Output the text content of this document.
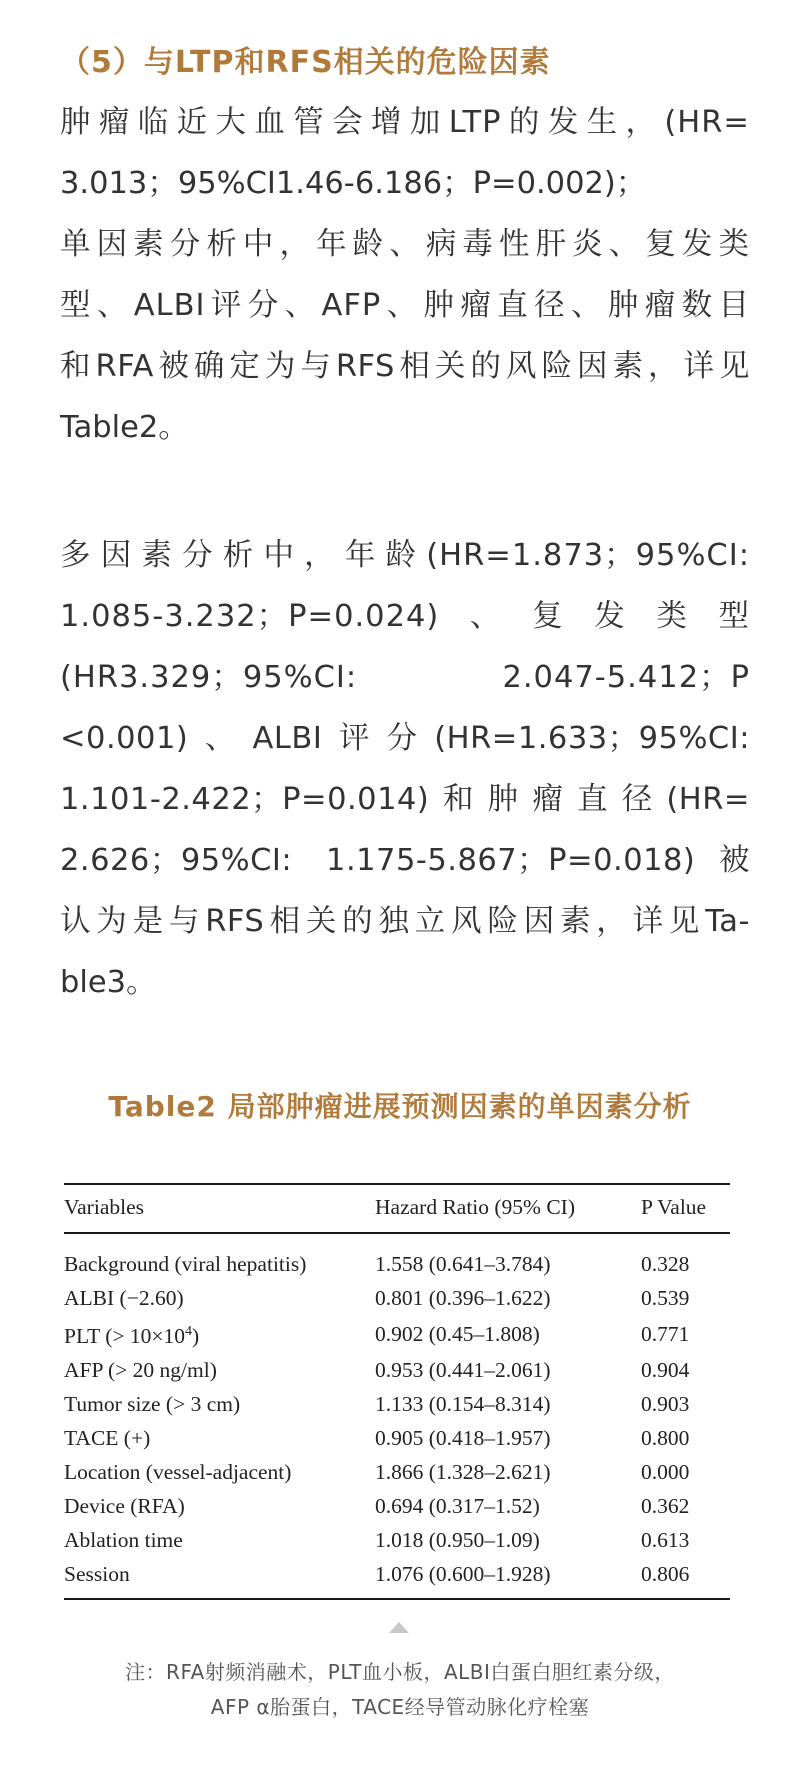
（5）与LTP和RFS相关的危险因素
肿瘤临近大血管会增加LTP的发生，(HR=
3.013；95%CI1.46-6.186；P=0.002)；
单因素分析中，年龄、病毒性肝炎、复发类
型、ALBI评分、AFP、肿瘤直径、肿瘤数目
和RFA被确定为与RFS相关的风险因素，详见
Table2。
多因素分析中，年龄(HR=1.873；95%CI:
1.085-3.232；P=0.024)、复发类型
(HR3.329；95%CI: 2.047-5.412；P
<0.001)、ALBI评分(HR=1.633；95%CI:
1.101-2.422；P=0.014)和肿瘤直径(HR=
2.626；95%CI: 1.175-5.867；P=0.018)被
认为是与RFS相关的独立风险因素，详见Ta-
ble3。
Table2 局部肿瘤进展预测因素的单因素分析
Variables	Hazard Ratio (95% CI)	P Value
Background (viral hepatitis)	1.558 (0.641–3.784)	0.328
ALBI (−2.60)	0.801 (0.396–1.622)	0.539
PLT (> $10\times 10^4$)	0.902 (0.45–1.808)	0.771
AFP (> 20 ng/ml)	0.953 (0.441–2.061)	0.904
Tumor size (> 3 cm)	1.133 (0.154–8.314)	0.903
TACE (+)	0.905 (0.418–1.957)	0.800
Location (vessel-adjacent)	1.866 (1.328–2.621)	0.000
Device (RFA)	0.694 (0.317–1.52)	0.362
Ablation time	1.018 (0.950–1.09)	0.613
Session	1.076 (0.600–1.928)	0.806
注：RFA射频消融术，PLT血小板，ALBI白蛋白胆红素分级，
AFP α胎蛋白，TACE经导管动脉化疗栓塞
